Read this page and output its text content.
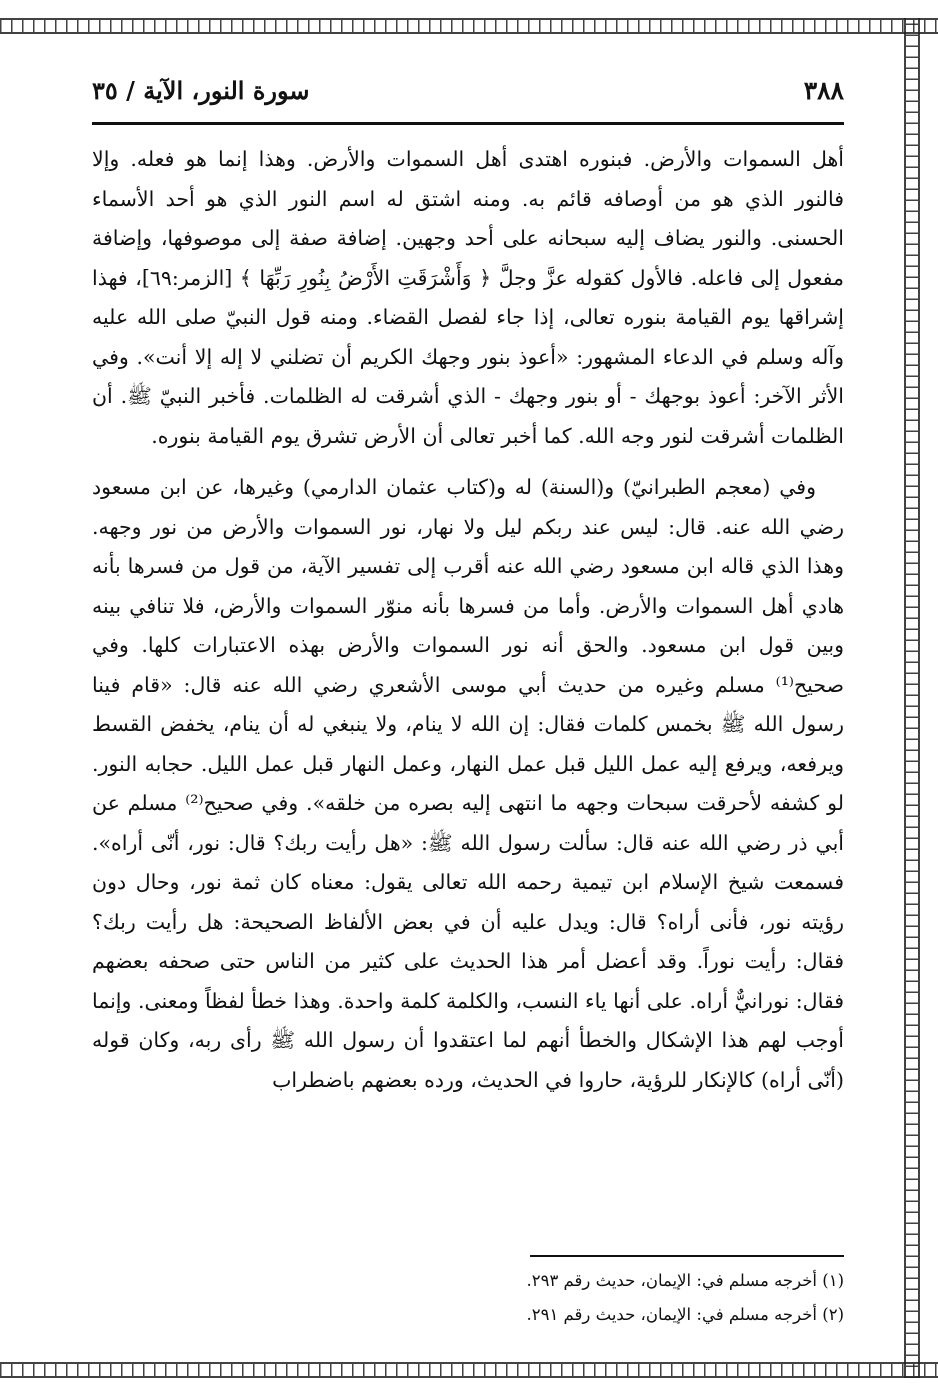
٣٨٨
سورة النور، الآية / ٣٥

أهل السموات والأرض. فبنوره اهتدى أهل السموات والأرض. وهذا إنما هو فعله. وإلا فالنور الذي هو من أوصافه قائم به. ومنه اشتق له اسم النور الذي هو أحد الأسماء الحسنى. والنور يضاف إليه سبحانه على أحد وجهين. إضافة صفة إلى موصوفها، وإضافة مفعول إلى فاعله. فالأول كقوله عزَّ وجلَّ ﴿ وَأَشْرَقَتِ الأَرْضُ بِنُورِ رَبِّهَا ﴾ [الزمر:٦٩]، فهذا إشراقها يوم القيامة بنوره تعالى، إذا جاء لفصل القضاء. ومنه قول النبيّ صلى الله عليه وآله وسلم في الدعاء المشهور: «أعوذ بنور وجهك الكريم أن تضلني لا إله إلا أنت». وفي الأثر الآخر: أعوذ بوجهك - أو بنور وجهك - الذي أشرقت له الظلمات. فأخبر النبيّ ﷺ. أن الظلمات أشرقت لنور وجه الله. كما أخبر تعالى أن الأرض تشرق يوم القيامة بنوره.

وفي (معجم الطبرانيّ) و(السنة) له و(كتاب عثمان الدارمي) وغيرها، عن ابن مسعود رضي الله عنه. قال: ليس عند ربكم ليل ولا نهار، نور السموات والأرض من نور وجهه. وهذا الذي قاله ابن مسعود رضي الله عنه أقرب إلى تفسير الآية، من قول من فسرها بأنه هادي أهل السموات والأرض. وأما من فسرها بأنه منوّر السموات والأرض، فلا تنافي بينه وبين قول ابن مسعود. والحق أنه نور السموات والأرض بهذه الاعتبارات كلها. وفي صحيح⁽¹⁾ مسلم وغيره من حديث أبي موسى الأشعري رضي الله عنه قال: «قام فينا رسول الله ﷺ بخمس كلمات فقال: إن الله لا ينام، ولا ينبغي له أن ينام، يخفض القسط ويرفعه، ويرفع إليه عمل الليل قبل عمل النهار، وعمل النهار قبل عمل الليل. حجابه النور. لو كشفه لأحرقت سبحات وجهه ما انتهى إليه بصره من خلقه». وفي صحيح⁽²⁾ مسلم عن أبي ذر رضي الله عنه قال: سألت رسول الله ﷺ: «هل رأيت ربك؟ قال: نور، أنّى أراه». فسمعت شيخ الإسلام ابن تيمية رحمه الله تعالى يقول: معناه كان ثمة نور، وحال دون رؤيته نور، فأنى أراه؟ قال: ويدل عليه أن في بعض الألفاظ الصحيحة: هل رأيت ربك؟ فقال: رأيت نوراً. وقد أعضل أمر هذا الحديث على كثير من الناس حتى صحفه بعضهم فقال: نورانيٌّ أراه. على أنها ياء النسب، والكلمة كلمة واحدة. وهذا خطأ لفظاً ومعنى. وإنما أوجب لهم هذا الإشكال والخطأ أنهم لما اعتقدوا أن رسول الله ﷺ رأى ربه، وكان قوله (أنّى أراه) كالإنكار للرؤية، حاروا في الحديث، ورده بعضهم باضطراب

(١) أخرجه مسلم في: الإيمان، حديث رقم ٢٩٣.

(٢) أخرجه مسلم في: الإيمان، حديث رقم ٢٩١.
